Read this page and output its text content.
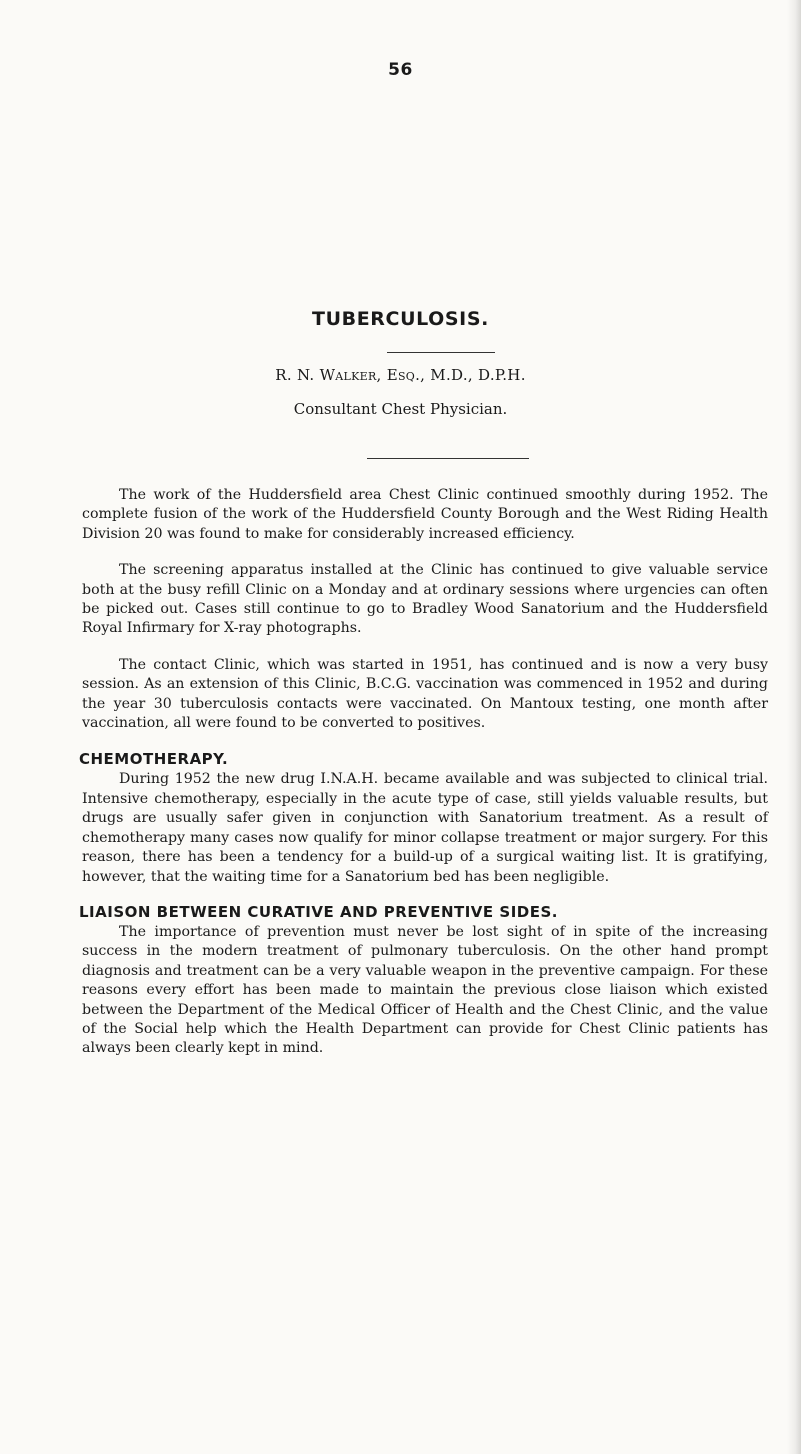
56
TUBERCULOSIS.
R. N. Walker, Esq., M.D., D.P.H.
Consultant Chest Physician.

The work of the Huddersfield area Chest Clinic continued smoothly during 1952. The complete fusion of the work of the Huddersfield County Borough and the West Riding Health Division 20 was found to make for considerably increased efficiency.

The screening apparatus installed at the Clinic has continued to give valuable service both at the busy refill Clinic on a Monday and at ordinary sessions where urgencies can often be picked out. Cases still continue to go to Bradley Wood Sanatorium and the Huddersfield Royal Infirmary for X-ray photographs.

The contact Clinic, which was started in 1951, has continued and is now a very busy session. As an extension of this Clinic, B.C.G. vaccination was commenced in 1952 and during the year 30 tuberculosis contacts were vaccinated. On Mantoux testing, one month after vaccination, all were found to be converted to positives.

CHEMOTHERAPY.

During 1952 the new drug I.N.A.H. became available and was subjected to clinical trial. Intensive chemotherapy, especially in the acute type of case, still yields valuable results, but drugs are usually safer given in conjunction with Sanatorium treatment. As a result of chemotherapy many cases now qualify for minor collapse treatment or major surgery. For this reason, there has been a tendency for a build-up of a surgical waiting list. It is gratifying, however, that the waiting time for a Sanatorium bed has been negligible.

LIAISON BETWEEN CURATIVE AND PREVENTIVE SIDES.

The importance of prevention must never be lost sight of in spite of the increasing success in the modern treatment of pulmonary tuberculosis. On the other hand prompt diagnosis and treatment can be a very valuable weapon in the preventive campaign. For these reasons every effort has been made to maintain the previous close liaison which existed between the Department of the Medical Officer of Health and the Chest Clinic, and the value of the Social help which the Health Department can provide for Chest Clinic patients has always been clearly kept in mind.
